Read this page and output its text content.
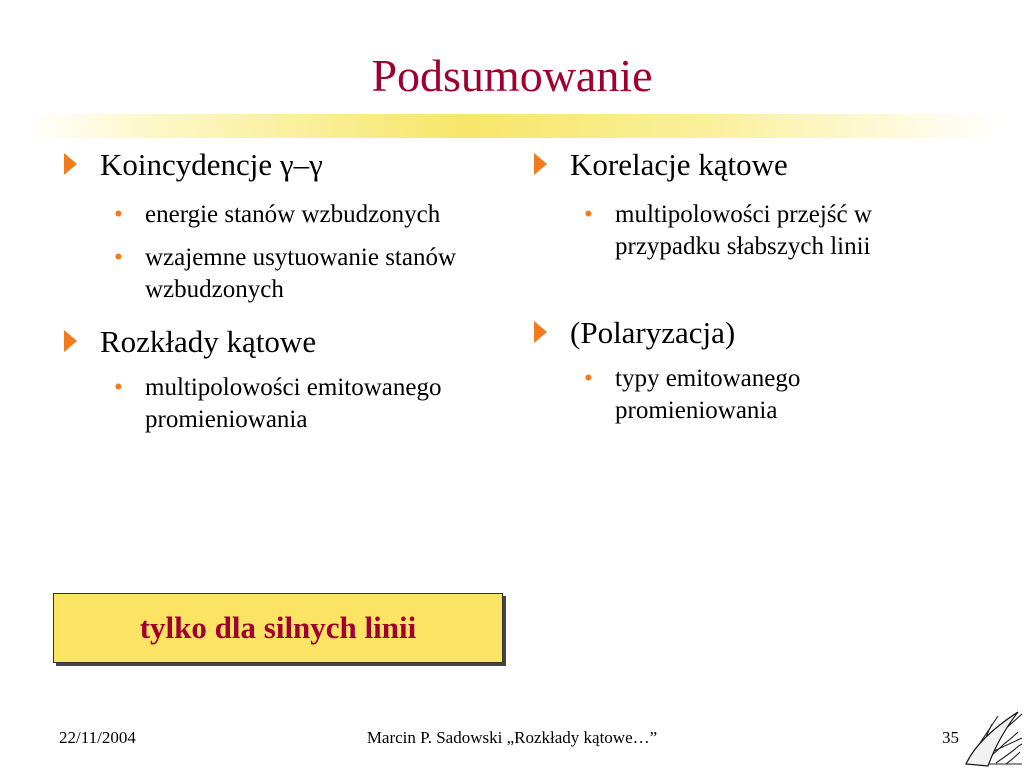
Podsumowanie
Koincydencje γ–γ
• energie stanów wzbudzonych
• wzajemne usytuowanie stanów wzbudzonych
Rozkłady kątowe
• multipolowości emitowanego promieniowania
Korelacje kątowe
• multipolowości przejść w przypadku słabszych linii
(Polaryzacja)
• typy emitowanego promieniowania
tylko dla silnych linii
22/11/2004	Marcin P. Sadowski „Rozkłady kątowe…”	35
